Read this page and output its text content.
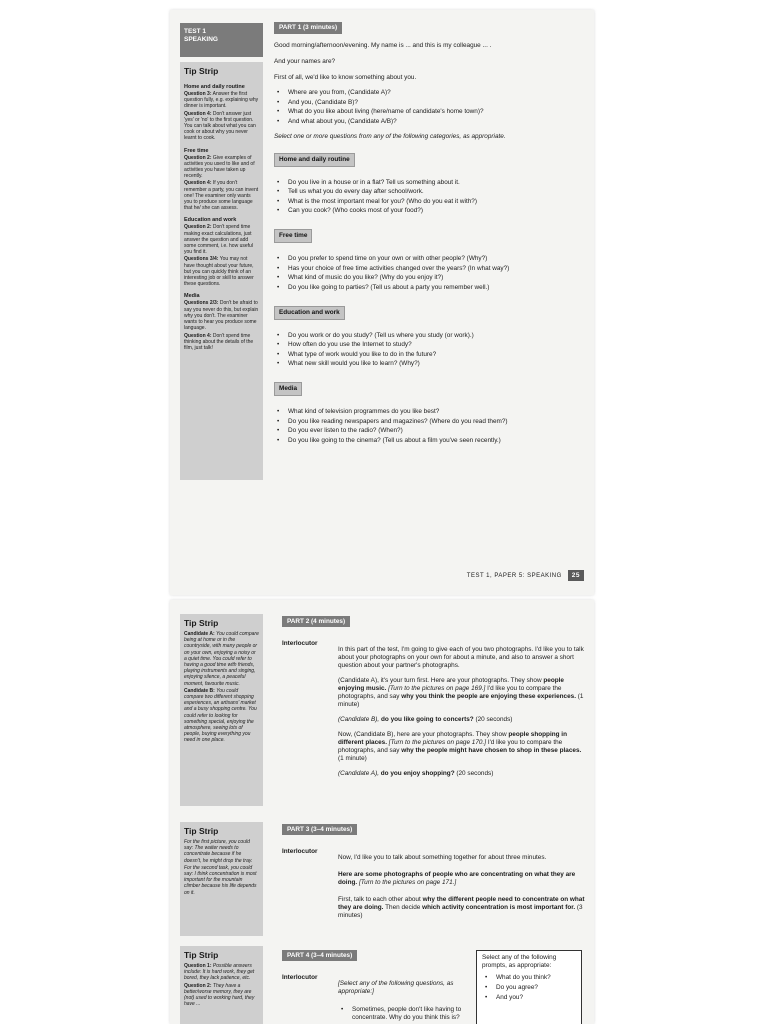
TEST 1
SPEAKING
Tip Strip
Home and daily routine

Question 3: Answer the first question fully, e.g. explaining why dinner is important.

Question 4: Don't answer just 'yes' or 'no' to the first question. You can talk about what you can cook or about why you never learnt to cook.

Free time

Question 2: Give examples of activities you used to like and of activities you have taken up recently.

Question 4: If you don't remember a party, you can invent one! The examiner only wants you to produce some language that he/ she can assess.

Education and work

Question 2: Don't spend time making exact calculations, just answer the question and add some comment, i.e. how useful you find it.

Questions 3/4: You may not have thought about your future, but you can quickly think of an interesting job or skill to answer these questions.

Media

Questions 2/3: Don't be afraid to say you never do this, but explain why you don't. The examiner wants to hear you produce some language.

Question 4: Don't spend time thinking about the details of the film, just talk!

PART 1 (3 minutes)

Good morning/afternoon/evening. My name is ... and this is my colleague ... .

And your names are?

First of all, we'd like to know something about you.

• Where are you from, (Candidate A)?
• And you, (Candidate B)?
• What do you like about living (here/name of candidate's home town)?
• And what about you, (Candidate A/B)?

Select one or more questions from any of the following categories, as appropriate.

Home and daily routine
• Do you live in a house or in a flat? Tell us something about it.
• Tell us what you do every day after school/work.
• What is the most important meal for you? (Who do you eat it with?)
• Can you cook? (Who cooks most of your food?)
Free time
• Do you prefer to spend time on your own or with other people? (Why?)
• Has your choice of free time activities changed over the years? (In what way?)
• What kind of music do you like? (Why do you enjoy it?)
• Do you like going to parties? (Tell us about a party you remember well.)
Education and work
• Do you work or do you study? (Tell us where you study (or work).)
• How often do you use the Internet to study?
• What type of work would you like to do in the future?
• What new skill would you like to learn? (Why?)
Media
• What kind of television programmes do you like best?
• Do you like reading newspapers and magazines? (Where do you read them?)
• Do you ever listen to the radio? (When?)
• Do you like going to the cinema? (Tell us about a film you've seen recently.)
TEST 1, PAPER 5: SPEAKING	25
Tip Strip

Candidate A: You could compare being at home or in the countryside, with many people or on your own, enjoying a noisy or a quiet time. You could refer to having a good time with friends, playing instruments and singing, enjoying silence, a peaceful moment, favourite music.

Candidate B: You could compare two different shopping experiences, an artisans' market and a busy shopping centre. You could refer to looking for something special, enjoying the atmosphere, seeing lots of people, buying everything you need in one place.

Tip Strip

For the first picture, you could say: The waiter needs to concentrate because if he doesn't, he might drop the tray.

For the second task, you could say: I think concentration is most important for the mountain climber because his life depends on it.

Tip Strip

Question 1: Possible answers include: It is hard work, they get bored, they lack patience, etc.

Question 2: They have a better/worse memory, they are (not) used to working hard, they have ...

PART 2 (4 minutes)
Interlocutor

In this part of the test, I'm going to give each of you two photographs. I'd like you to talk about your photographs on your own for about a minute, and also to answer a short question about your partner's photographs.

(Candidate A), it's your turn first. Here are your photographs. They show people enjoying music. [Turn to the pictures on page 169.] I'd like you to compare the photographs, and say why you think the people are enjoying these experiences. (1 minute)

(Candidate B), do you like going to concerts? (20 seconds)

Now, (Candidate B), here are your photographs. They show people shopping in different places. [Turn to the pictures on page 170.] I'd like you to compare the photographs, and say why the people might have chosen to shop in these places. (1 minute)

(Candidate A), do you enjoy shopping? (20 seconds)

PART 3 (3–4 minutes)
Interlocutor

Now, I'd like you to talk about something together for about three minutes.

Here are some photographs of people who are concentrating on what they are doing. [Turn to the pictures on page 171.]

First, talk to each other about why the different people need to concentrate on what they are doing. Then decide which activity concentration is most important for. (3 minutes)

PART 4 (3–4 minutes)
Interlocutor

[Select any of the following questions, as appropriate:]

• Sometimes, people don't like having to concentrate. Why do you think this is?
Select any of the following prompts, as appropriate:
• What do you think?
• Do you agree?
• And you?
